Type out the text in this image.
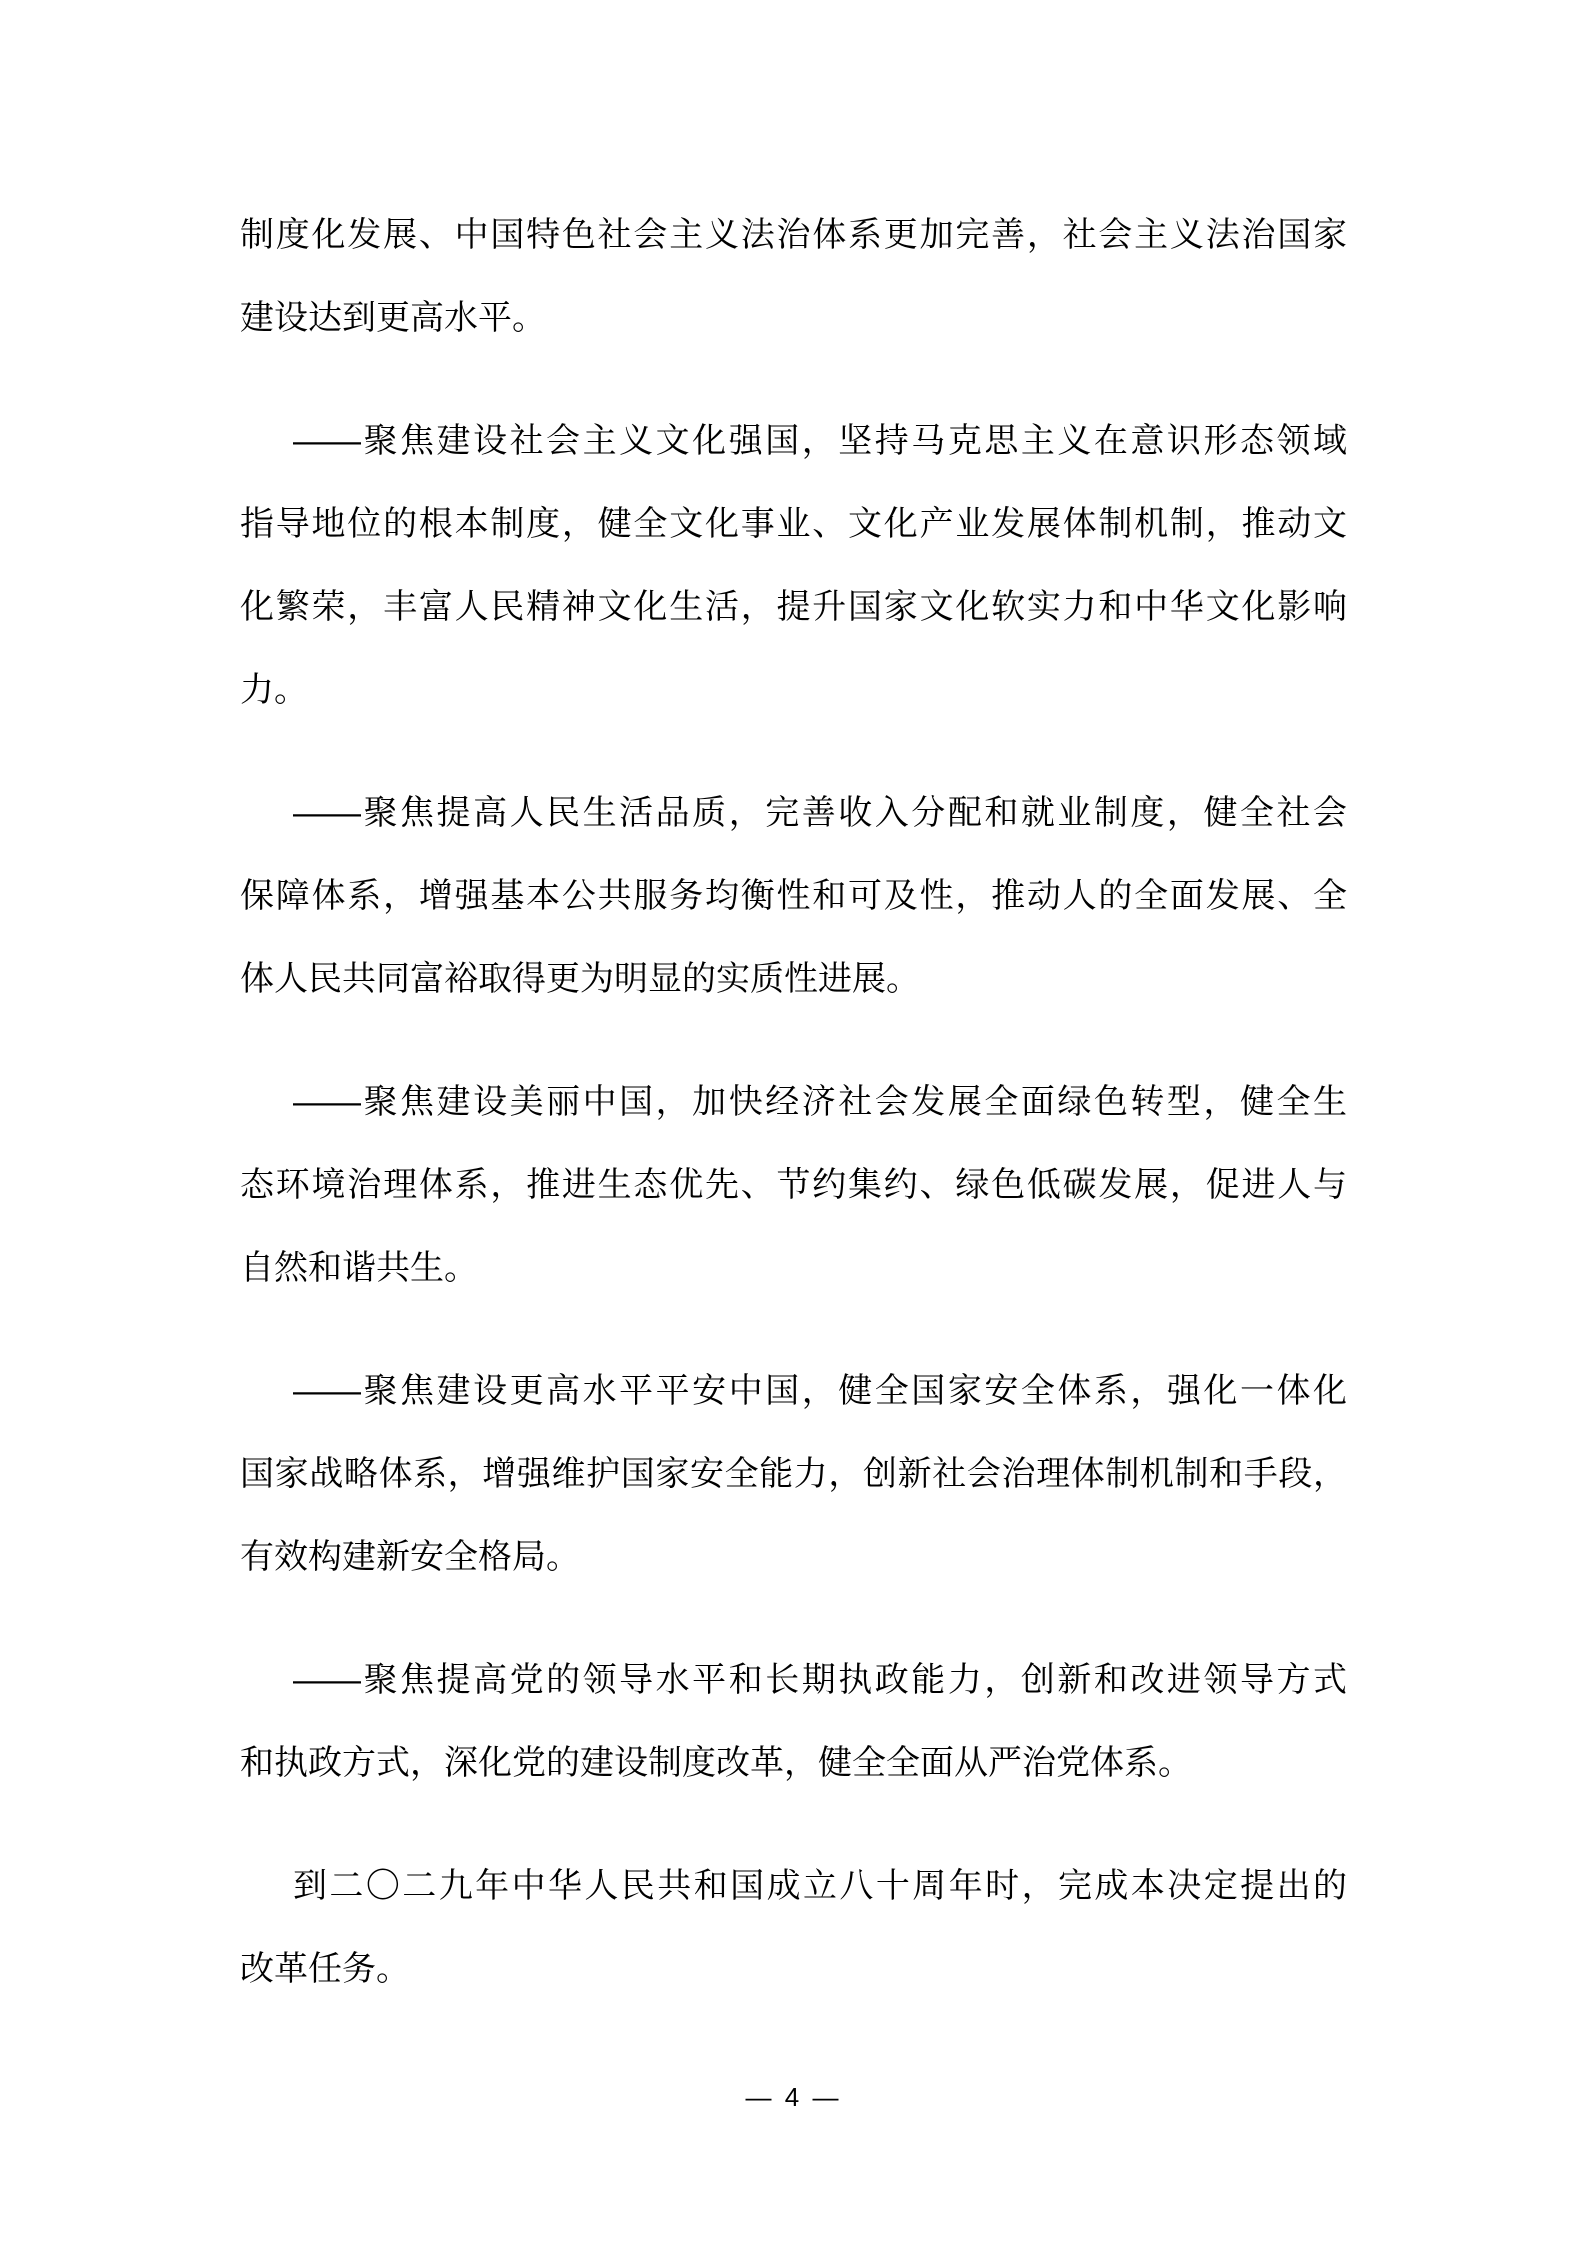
制度化发展、中国特色社会主义法治体系更加完善，社会主义法治国家
建设达到更高水平。
——聚焦建设社会主义文化强国，坚持马克思主义在意识形态领域
指导地位的根本制度，健全文化事业、文化产业发展体制机制，推动文
化繁荣，丰富人民精神文化生活，提升国家文化软实力和中华文化影响
力。
——聚焦提高人民生活品质，完善收入分配和就业制度，健全社会
保障体系，增强基本公共服务均衡性和可及性，推动人的全面发展、全
体人民共同富裕取得更为明显的实质性进展。
——聚焦建设美丽中国，加快经济社会发展全面绿色转型，健全生
态环境治理体系，推进生态优先、节约集约、绿色低碳发展，促进人与
自然和谐共生。
——聚焦建设更高水平平安中国，健全国家安全体系，强化一体化
国家战略体系，增强维护国家安全能力，创新社会治理体制机制和手段，
有效构建新安全格局。
——聚焦提高党的领导水平和长期执政能力，创新和改进领导方式
和执政方式，深化党的建设制度改革，健全全面从严治党体系。
到二〇二九年中华人民共和国成立八十周年时，完成本决定提出的
改革任务。
— 4 —
